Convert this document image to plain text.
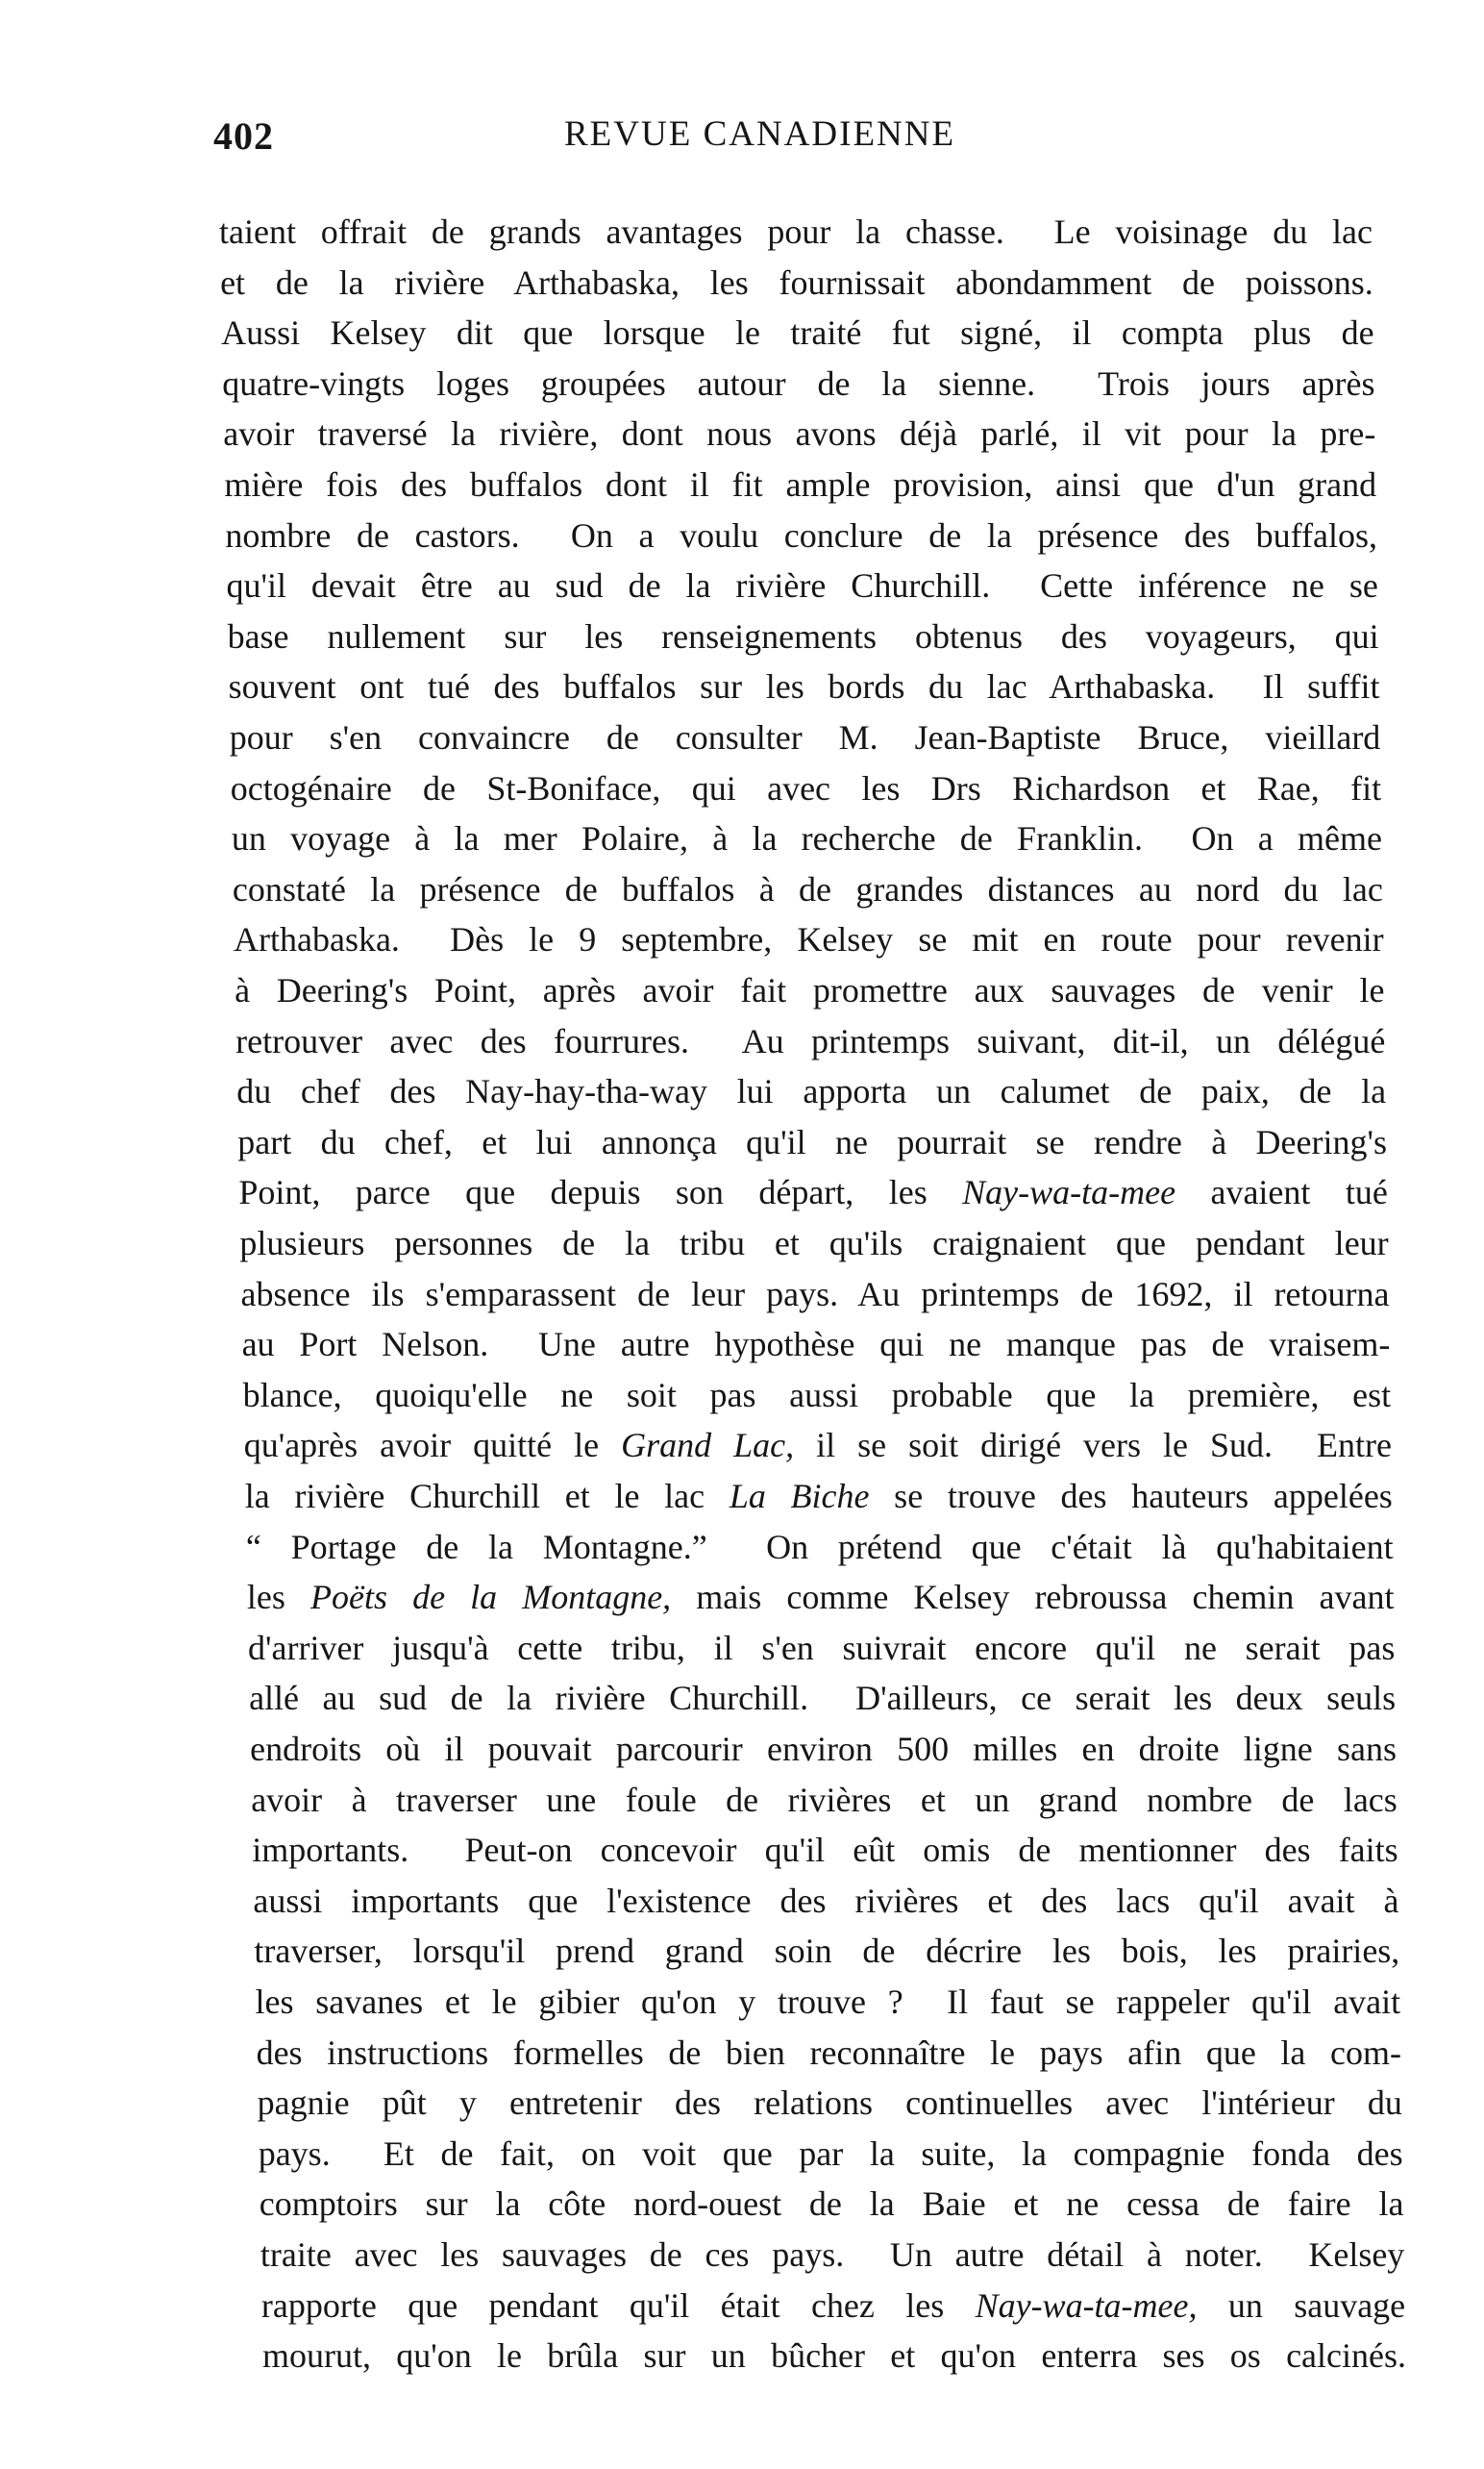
402	REVUE CANADIENNE
taient offrait de grands avantages pour la chasse.  Le voisinage du lac
et de la rivière Arthabaska, les fournissait abondamment de poissons.
Aussi Kelsey dit que lorsque le traité fut signé, il compta plus de
quatre-vingts loges groupées autour de la sienne.  Trois jours après
avoir traversé la rivière, dont nous avons déjà parlé, il vit pour la pre-
mière fois des buffalos dont il fit ample provision, ainsi que d'un grand
nombre de castors.  On a voulu conclure de la présence des buffalos,
qu'il devait être au sud de la rivière Churchill.  Cette inférence ne se
base nullement sur les renseignements obtenus des voyageurs, qui
souvent ont tué des buffalos sur les bords du lac Arthabaska.  Il suffit
pour s'en convaincre de consulter M. Jean-Baptiste Bruce, vieillard
octogénaire de St-Boniface, qui avec les Drs Richardson et Rae, fit
un voyage à la mer Polaire, à la recherche de Franklin.  On a même
constaté la présence de buffalos à de grandes distances au nord du lac
Arthabaska.  Dès le 9 septembre, Kelsey se mit en route pour revenir
à Deering's Point, après avoir fait promettre aux sauvages de venir le
retrouver avec des fourrures.  Au printemps suivant, dit-il, un délégué
du chef des Nay-hay-tha-way lui apporta un calumet de paix, de la
part du chef, et lui annonça qu'il ne pourrait se rendre à Deering's
Point, parce que depuis son départ, les Nay-wa-ta-mee avaient tué
plusieurs personnes de la tribu et qu'ils craignaient que pendant leur
absence ils s'emparassent de leur pays. Au printemps de 1692, il retourna
au Port Nelson.  Une autre hypothèse qui ne manque pas de vraisem-
blance, quoiqu'elle ne soit pas aussi probable que la première, est
qu'après avoir quitté le Grand Lac, il se soit dirigé vers le Sud.  Entre
la rivière Churchill et le lac La Biche se trouve des hauteurs appelées
“ Portage de la Montagne.”  On prétend que c'était là qu'habitaient
les Poëts de la Montagne, mais comme Kelsey rebroussa chemin avant
d'arriver jusqu'à cette tribu, il s'en suivrait encore qu'il ne serait pas
allé au sud de la rivière Churchill.  D'ailleurs, ce serait les deux seuls
endroits où il pouvait parcourir environ 500 milles en droite ligne sans
avoir à traverser une foule de rivières et un grand nombre de lacs
importants.  Peut-on concevoir qu'il eût omis de mentionner des faits
aussi importants que l'existence des rivières et des lacs qu'il avait à
traverser, lorsqu'il prend grand soin de décrire les bois, les prairies,
les savanes et le gibier qu'on y trouve ?  Il faut se rappeler qu'il avait
des instructions formelles de bien reconnaître le pays afin que la com-
pagnie pût y entretenir des relations continuelles avec l'intérieur du
pays.  Et de fait, on voit que par la suite, la compagnie fonda des
comptoirs sur la côte nord-ouest de la Baie et ne cessa de faire la
traite avec les sauvages de ces pays.  Un autre détail à noter.  Kelsey
rapporte que pendant qu'il était chez les Nay-wa-ta-mee, un sauvage
mourut, qu'on le brûla sur un bûcher et qu'on enterra ses os calcinés.
